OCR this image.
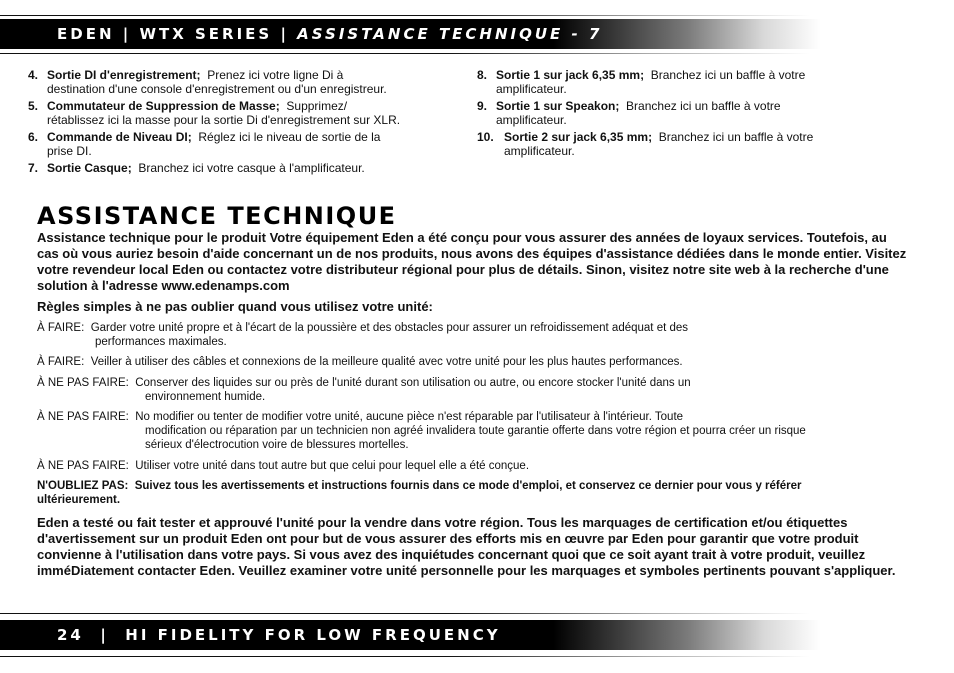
EDEN | WTX SERIES | ASSISTANCE TECHNIQUE - 7
4. Sortie DI d'enregistrement; Prenez ici votre ligne Di à
destination d'une console d'enregistrement ou d'un enregistreur.
5. Commutateur de Suppression de Masse; Supprimez/
rétablissez ici la masse pour la sortie Di d'enregistrement sur XLR.
6. Commande de Niveau DI; Réglez ici le niveau de sortie de la
prise DI.
7. Sortie Casque; Branchez ici votre casque à l'amplificateur.
8. Sortie 1 sur jack 6,35 mm; Branchez ici un baffle à votre
amplificateur.
9. Sortie 1 sur Speakon; Branchez ici un baffle à votre
amplificateur.
10. Sortie 2 sur jack 6,35 mm; Branchez ici un baffle à votre
amplificateur.
ASSISTANCE TECHNIQUE
Assistance technique pour le produit Votre équipement Eden a été conçu pour vous assurer des années de loyaux services. Toutefois, au cas où vous auriez besoin d'aide concernant un de nos produits, nous avons des équipes d'assistance dédiées dans le monde entier. Visitez votre revendeur local Eden ou contactez votre distributeur régional pour plus de détails. Sinon, visitez notre site web à la recherche d'une solution à l'adresse www.edenamps.com
Règles simples à ne pas oublier quand vous utilisez votre unité:
À FAIRE: Garder votre unité propre et à l'écart de la poussière et des obstacles pour assurer un refroidissement adéquat et des
performances maximales.
À FAIRE: Veiller à utiliser des câbles et connexions de la meilleure qualité avec votre unité pour les plus hautes performances.
À NE PAS FAIRE: Conserver des liquides sur ou près de l'unité durant son utilisation ou autre, ou encore stocker l'unité dans un
environnement humide.
À NE PAS FAIRE: No modifier ou tenter de modifier votre unité, aucune pièce n'est réparable par l'utilisateur à l'intérieur. Toute
modification ou réparation par un technicien non agréé invalidera toute garantie offerte dans votre région et pourra créer un risque
sérieux d'électrocution voire de blessures mortelles.
À NE PAS FAIRE: Utiliser votre unité dans tout autre but que celui pour lequel elle a été conçue.
N'OUBLIEZ PAS: Suivez tous les avertissements et instructions fournis dans ce mode d'emploi, et conservez ce dernier pour vous y référer
ultérieurement.
Eden a testé ou fait tester et approuvé l'unité pour la vendre dans votre région. Tous les marquages de certification et/ou étiquettes d'avertissement sur un produit Eden ont pour but de vous assurer des efforts mis en œuvre par Eden pour garantir que votre produit convienne à l'utilisation dans votre pays. Si vous avez des inquiétudes concernant quoi que ce soit ayant trait à votre produit, veuillez imméDiatement contacter Eden. Veuillez examiner votre unité personnelle pour les marquages et symboles pertinents pouvant s'appliquer.
24  |  HI FIDELITY FOR LOW FREQUENCY
